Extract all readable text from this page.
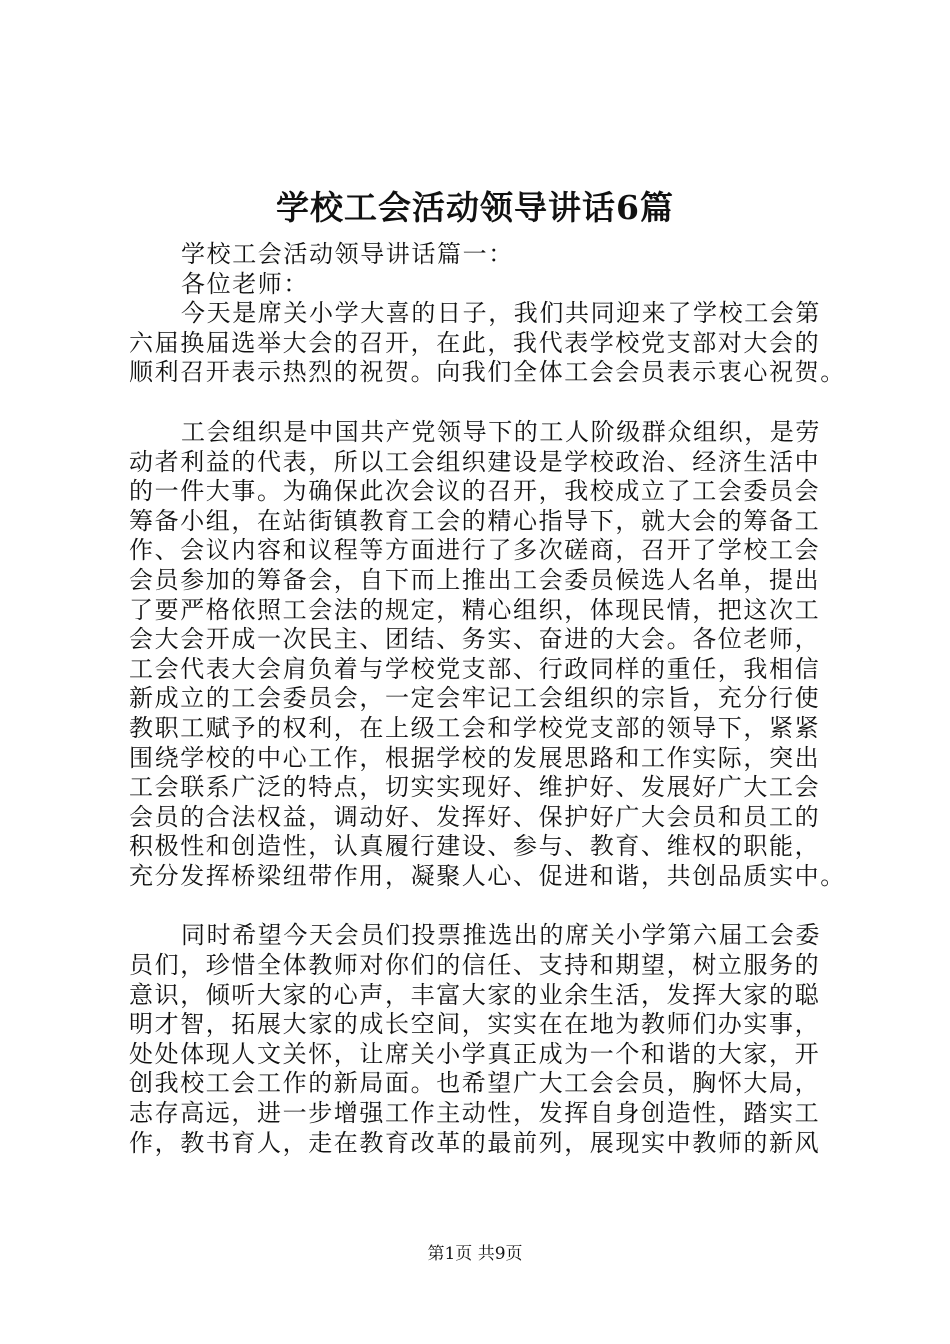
学校工会活动领导讲话6篇
学校工会活动领导讲话篇一：
各位老师：
今天是席关小学大喜的日子，我们共同迎来了学校工会第
六届换届选举大会的召开，在此，我代表学校党支部对大会的
顺利召开表示热烈的祝贺。向我们全体工会会员表示衷心祝贺。
工会组织是中国共产党领导下的工人阶级群众组织，是劳
动者利益的代表，所以工会组织建设是学校政治、经济生活中
的一件大事。为确保此次会议的召开，我校成立了工会委员会
筹备小组，在站街镇教育工会的精心指导下，就大会的筹备工
作、会议内容和议程等方面进行了多次磋商，召开了学校工会
会员参加的筹备会，自下而上推出工会委员候选人名单，提出
了要严格依照工会法的规定，精心组织，体现民情，把这次工
会大会开成一次民主、团结、务实、奋进的大会。各位老师，
工会代表大会肩负着与学校党支部、行政同样的重任，我相信
新成立的工会委员会，一定会牢记工会组织的宗旨，充分行使
教职工赋予的权利，在上级工会和学校党支部的领导下，紧紧
围绕学校的中心工作，根据学校的发展思路和工作实际，突出
工会联系广泛的特点，切实实现好、维护好、发展好广大工会
会员的合法权益，调动好、发挥好、保护好广大会员和员工的
积极性和创造性，认真履行建设、参与、教育、维权的职能，
充分发挥桥梁纽带作用，凝聚人心、促进和谐，共创品质实中。
同时希望今天会员们投票推选出的席关小学第六届工会委
员们，珍惜全体教师对你们的信任、支持和期望，树立服务的
意识，倾听大家的心声，丰富大家的业余生活，发挥大家的聪
明才智，拓展大家的成长空间，实实在在地为教师们办实事，
处处体现人文关怀，让席关小学真正成为一个和谐的大家，开
创我校工会工作的新局面。也希望广大工会会员，胸怀大局，
志存高远，进一步增强工作主动性，发挥自身创造性，踏实工
作，教书育人，走在教育改革的最前列，展现实中教师的新风
第1页 共9页
